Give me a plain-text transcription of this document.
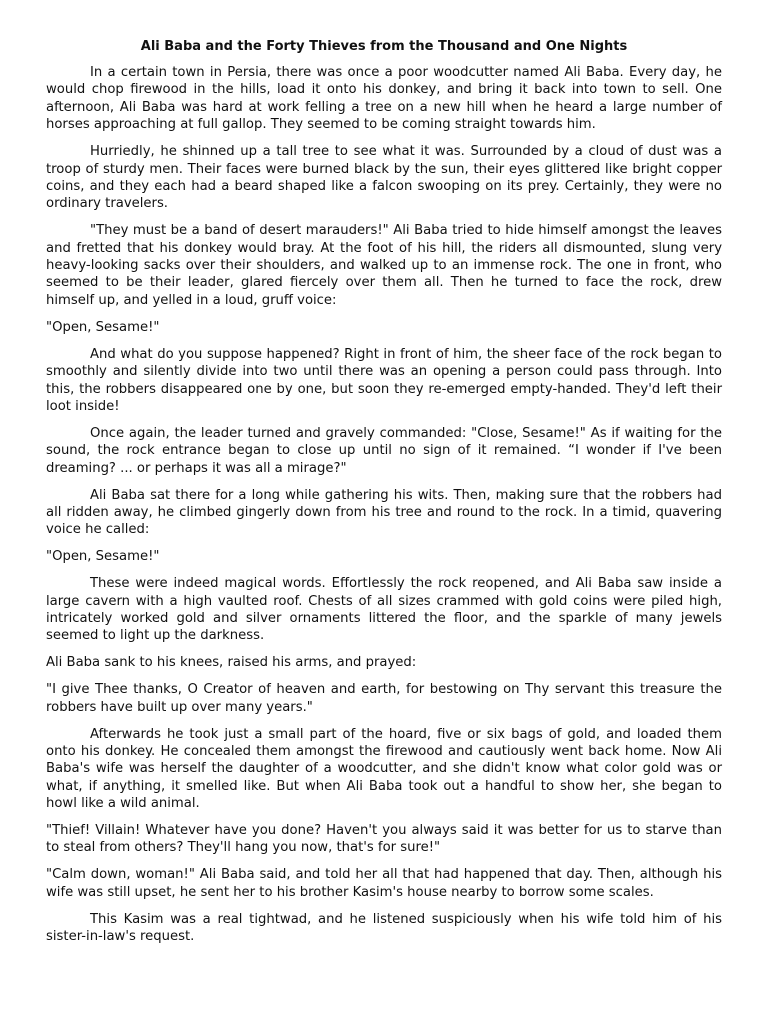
Ali Baba and the Forty Thieves from the Thousand and One Nights

In a certain town in Persia, there was once a poor woodcutter named Ali Baba. Every day, he would chop firewood in the hills, load it onto his donkey, and bring it back into town to sell. One afternoon, Ali Baba was hard at work felling a tree on a new hill when he heard a large number of horses approaching at full gallop. They seemed to be coming straight towards him.

Hurriedly, he shinned up a tall tree to see what it was. Surrounded by a cloud of dust was a troop of sturdy men. Their faces were burned black by the sun, their eyes glittered like bright copper coins, and they each had a beard shaped like a falcon swooping on its prey. Certainly, they were no ordinary travelers.

"They must be a band of desert marauders!" Ali Baba tried to hide himself amongst the leaves and fretted that his donkey would bray. At the foot of his hill, the riders all dismounted, slung very heavy-looking sacks over their shoulders, and walked up to an immense rock. The one in front, who seemed to be their leader, glared fiercely over them all. Then he turned to face the rock, drew himself up, and yelled in a loud, gruff voice:

"Open, Sesame!"

And what do you suppose happened? Right in front of him, the sheer face of the rock began to smoothly and silently divide into two until there was an opening a person could pass through. Into this, the robbers disappeared one by one, but soon they re-emerged empty-handed. They'd left their loot inside!

Once again, the leader turned and gravely commanded: "Close, Sesame!" As if waiting for the sound, the rock entrance began to close up until no sign of it remained. “I wonder if I've been dreaming? ... or perhaps it was all a mirage?"

Ali Baba sat there for a long while gathering his wits. Then, making sure that the robbers had all ridden away, he climbed gingerly down from his tree and round to the rock. In a timid, quavering voice he called:

"Open, Sesame!"

These were indeed magical words. Effortlessly the rock reopened, and Ali Baba saw inside a large cavern with a high vaulted roof. Chests of all sizes crammed with gold coins were piled high, intricately worked gold and silver ornaments littered the floor, and the sparkle of many jewels seemed to light up the darkness.

Ali Baba sank to his knees, raised his arms, and prayed:

"I give Thee thanks, O Creator of heaven and earth, for bestowing on Thy servant this treasure the robbers have built up over many years."

Afterwards he took just a small part of the hoard, five or six bags of gold, and loaded them onto his donkey. He concealed them amongst the firewood and cautiously went back home. Now Ali Baba's wife was herself the daughter of a woodcutter, and she didn't know what color gold was or what, if anything, it smelled like. But when Ali Baba took out a handful to show her, she began to howl like a wild animal.

"Thief! Villain! Whatever have you done? Haven't you always said it was better for us to starve than to steal from others? They'll hang you now, that's for sure!"

"Calm down, woman!" Ali Baba said, and told her all that had happened that day. Then, although his wife was still upset, he sent her to his brother Kasim's house nearby to borrow some scales.

This Kasim was a real tightwad, and he listened suspiciously when his wife told him of his sister-in-law's request.
